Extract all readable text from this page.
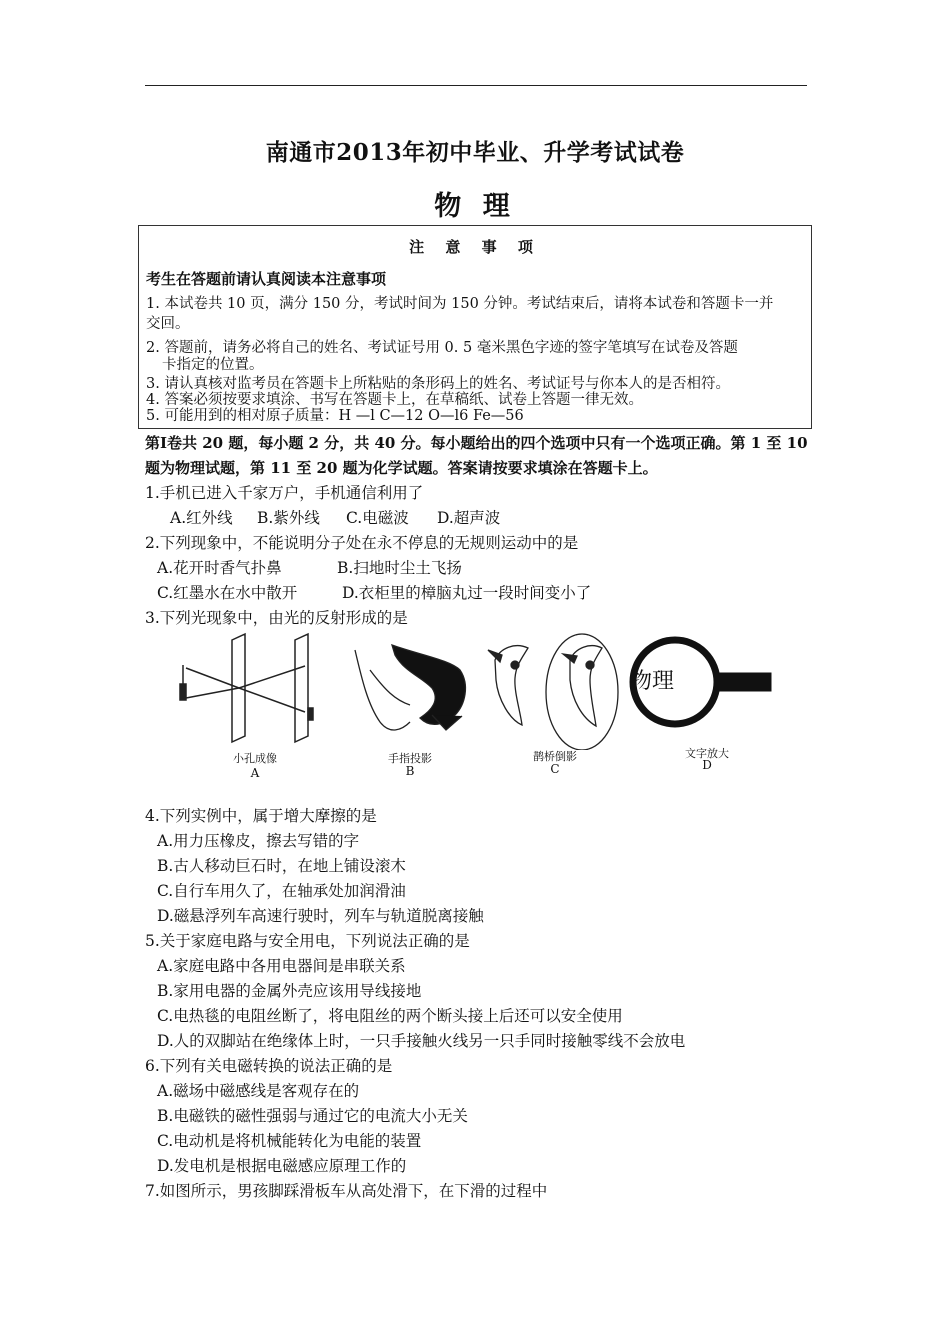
南通市2013年初中毕业、升学考试试卷
物 理
注 意 事 项
考生在答题前请认真阅读本注意事项
1. 本试卷共 10 页，满分 150 分，考试时间为 150 分钟。考试结束后，请将本试卷和答题卡一并
交回。
2. 答题前，请务必将自己的姓名、考试证号用 0. 5 毫米黑色字迹的签字笔填写在试卷及答题
卡指定的位置。
3. 请认真核对监考员在答题卡上所粘贴的条形码上的姓名、考试证号与你本人的是否相符。
4. 答案必须按要求填涂、书写在答题卡上，在草稿纸、试卷上答题一律无效。
5. 可能用到的相对原子质量：H —l C—12 O—l6 Fe—56
第Ⅰ卷共 20 题，每小题 2 分，共 40 分。每小题给出的四个选项中只有一个选项正确。第 1 至 10 题为物理试题，第 11 至 20 题为化学试题。答案请按要求填涂在答题卡上。
1.手机已进入千家万户，手机通信利用了
A.红外线 B.紫外线 C.电磁波 D.超声波
2.下列现象中，不能说明分子处在永不停息的无规则运动中的是
A.花开时香气扑鼻	B.扫地时尘土飞扬
C.红墨水在水中散开	D.衣柜里的樟脑丸过一段时间变小了
3.下列光现象中，由光的反射形成的是
物理
小孔成像	手指投影	鹊桥倒影	文字放大
A	B	C	D
4.下列实例中，属于增大摩擦的是
A.用力压橡皮，擦去写错的字
B.古人移动巨石时，在地上铺设滚木
C.自行车用久了，在轴承处加润滑油
D.磁悬浮列车高速行驶时，列车与轨道脱离接触
5.关于家庭电路与安全用电，下列说法正确的是
A.家庭电路中各用电器间是串联关系
B.家用电器的金属外壳应该用导线接地
C.电热毯的电阻丝断了，将电阻丝的两个断头接上后还可以安全使用
D.人的双脚站在绝缘体上时，一只手接触火线另一只手同时接触零线不会放电
6.下列有关电磁转换的说法正确的是
A.磁场中磁感线是客观存在的
B.电磁铁的磁性强弱与通过它的电流大小无关
C.电动机是将机械能转化为电能的装置
D.发电机是根据电磁感应原理工作的
7.如图所示，男孩脚踩滑板车从高处滑下，在下滑的过程中
